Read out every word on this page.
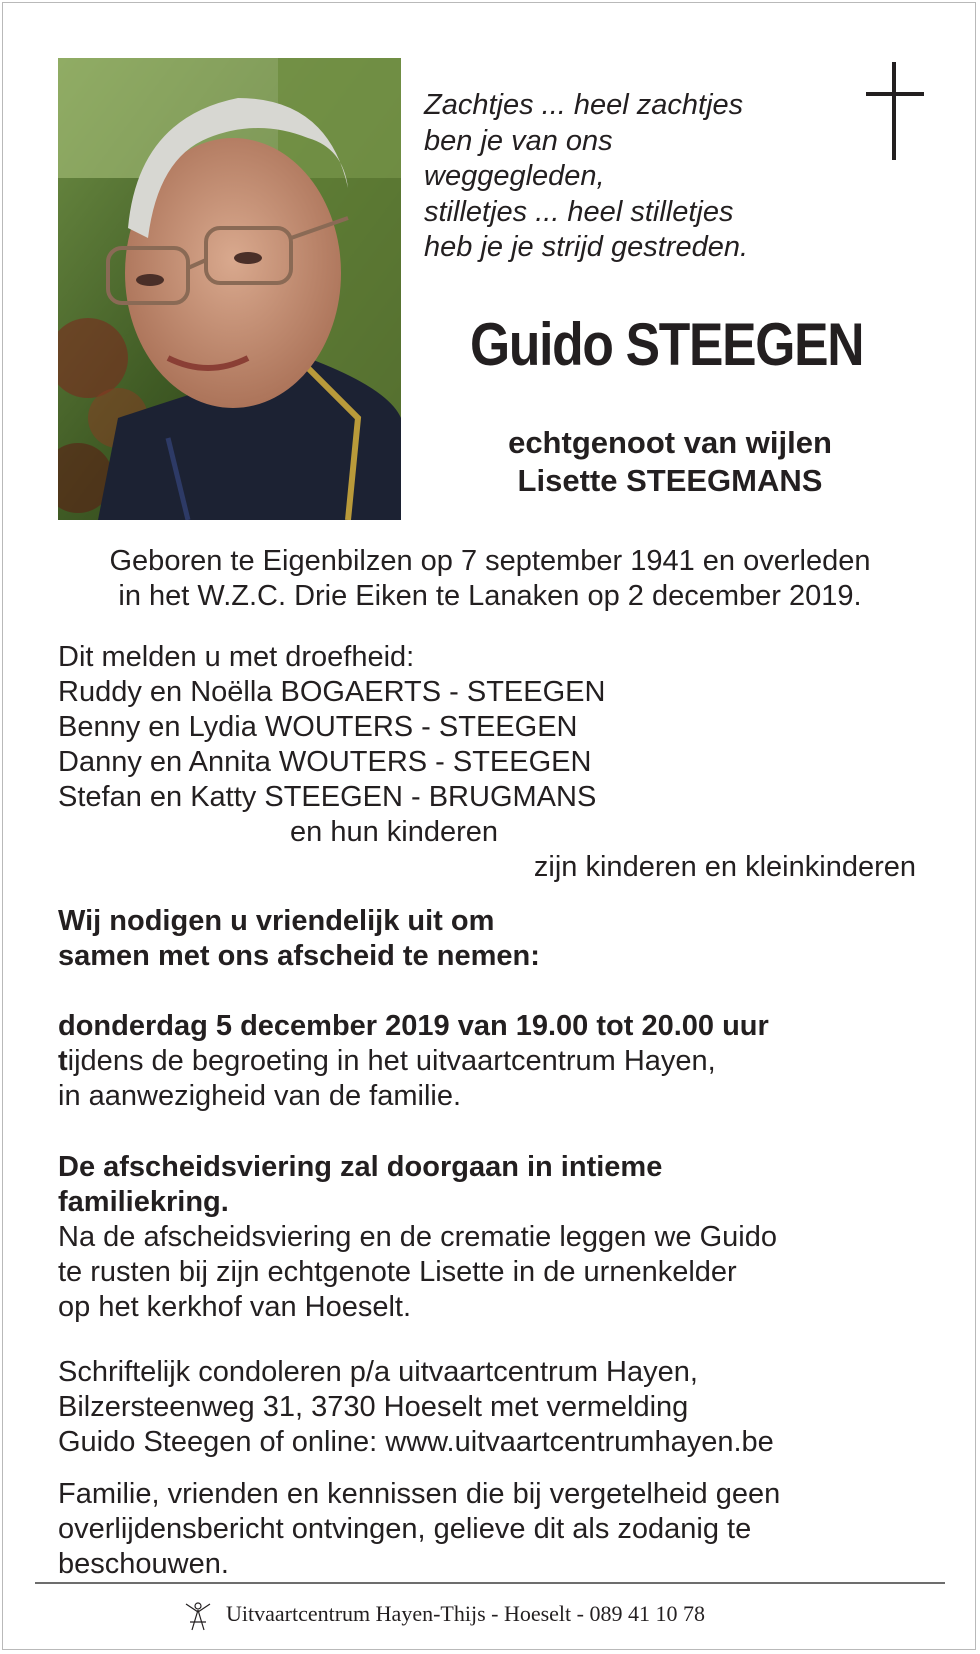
Zachtjes ... heel zachtjes
ben je van ons
weggegleden,
stilletjes ... heel stilletjes
heb je je strijd gestreden.
Guido STEEGEN
echtgenoot van wijlen
Lisette STEEGMANS
Geboren te Eigenbilzen op 7 september 1941 en overleden
in het W.Z.C. Drie Eiken te Lanaken op 2 december 2019.
Dit melden u met droefheid:
Ruddy en Noëlla BOGAERTS - STEEGEN
Benny en Lydia WOUTERS - STEEGEN
Danny en Annita WOUTERS - STEEGEN
Stefan en Katty STEEGEN - BRUGMANS
en hun kinderen
zijn kinderen en kleinkinderen
Wij nodigen u vriendelijk uit om
samen met ons afscheid te nemen:
donderdag 5 december 2019 van 19.00 tot 20.00 uur
tijdens de begroeting in het uitvaartcentrum Hayen,
in aanwezigheid van de familie.
De afscheidsviering zal doorgaan in intieme
familiekring.
Na de afscheidsviering en de crematie leggen we Guido
te rusten bij zijn echtgenote Lisette in de urnenkelder
op het kerkhof van Hoeselt.
Schriftelijk condoleren p/a uitvaartcentrum Hayen,
Bilzersteenweg 31, 3730 Hoeselt met vermelding
Guido Steegen of online: www.uitvaartcentrumhayen.be
Familie, vrienden en kennissen die bij vergetelheid geen
overlijdensbericht ontvingen, gelieve dit als zodanig te
beschouwen.
Uitvaartcentrum Hayen-Thijs - Hoeselt - 089 41 10 78
